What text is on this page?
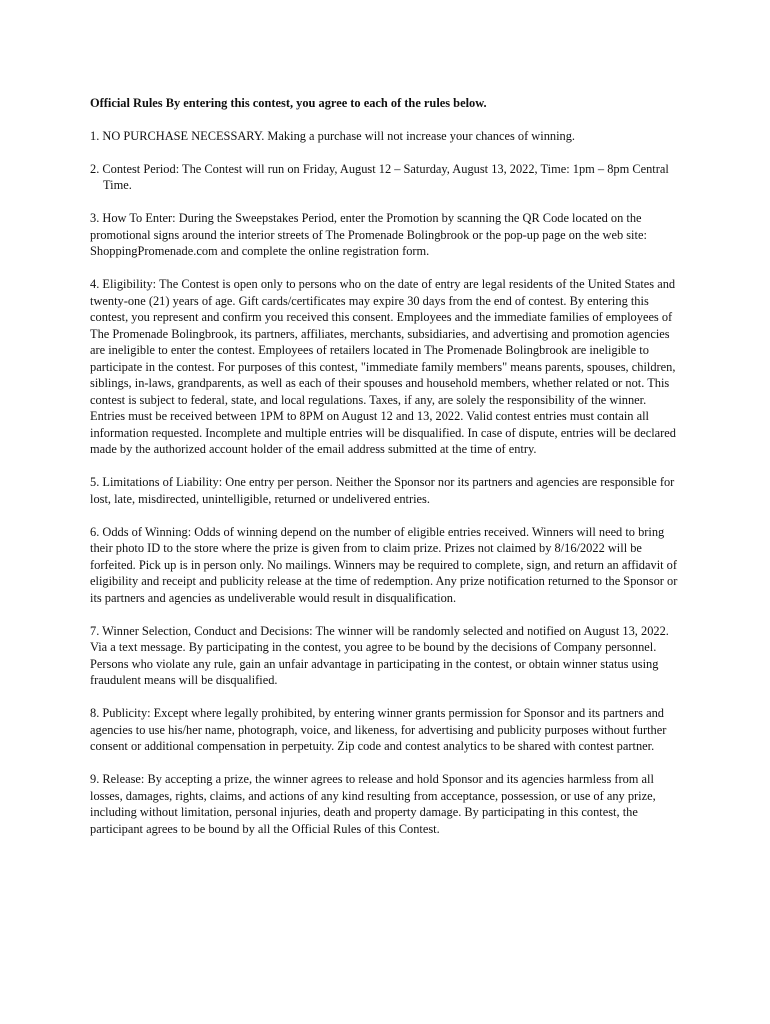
Official Rules By entering this contest, you agree to each of the rules below.

1. NO PURCHASE NECESSARY. Making a purchase will not increase your chances of winning.

2. Contest Period: The Contest will run on Friday, August 12 – Saturday, August 13, 2022, Time: 1pm – 8pm Central Time.

3. How To Enter: During the Sweepstakes Period, enter the Promotion by scanning the QR Code located on the promotional signs around the interior streets of The Promenade Bolingbrook or the pop-up page on the web site: ShoppingPromenade.com and complete the online registration form.

4. Eligibility: The Contest is open only to persons who on the date of entry are legal residents of the United States and twenty-one (21) years of age. Gift cards/certificates may expire 30 days from the end of contest. By entering this contest, you represent and confirm you received this consent. Employees and the immediate families of employees of The Promenade Bolingbrook, its partners, affiliates, merchants, subsidiaries, and advertising and promotion agencies are ineligible to enter the contest. Employees of retailers located in The Promenade Bolingbrook are ineligible to participate in the contest. For purposes of this contest, "immediate family members" means parents, spouses, children, siblings, in-laws, grandparents, as well as each of their spouses and household members, whether related or not. This contest is subject to federal, state, and local regulations. Taxes, if any, are solely the responsibility of the winner. Entries must be received between 1PM to 8PM on August 12 and 13, 2022. Valid contest entries must contain all information requested. Incomplete and multiple entries will be disqualified. In case of dispute, entries will be declared made by the authorized account holder of the email address submitted at the time of entry.

5. Limitations of Liability: One entry per person. Neither the Sponsor nor its partners and agencies are responsible for lost, late, misdirected, unintelligible, returned or undelivered entries.

6. Odds of Winning: Odds of winning depend on the number of eligible entries received. Winners will need to bring their photo ID to the store where the prize is given from to claim prize. Prizes not claimed by 8/16/2022 will be forfeited. Pick up is in person only. No mailings. Winners may be required to complete, sign, and return an affidavit of eligibility and receipt and publicity release at the time of redemption. Any prize notification returned to the Sponsor or its partners and agencies as undeliverable would result in disqualification.

7. Winner Selection, Conduct and Decisions: The winner will be randomly selected and notified on August 13, 2022. Via a text message. By participating in the contest, you agree to be bound by the decisions of Company personnel. Persons who violate any rule, gain an unfair advantage in participating in the contest, or obtain winner status using fraudulent means will be disqualified.

8. Publicity: Except where legally prohibited, by entering winner grants permission for Sponsor and its partners and agencies to use his/her name, photograph, voice, and likeness, for advertising and publicity purposes without further consent or additional compensation in perpetuity. Zip code and contest analytics to be shared with contest partner.

9. Release: By accepting a prize, the winner agrees to release and hold Sponsor and its agencies harmless from all losses, damages, rights, claims, and actions of any kind resulting from acceptance, possession, or use of any prize, including without limitation, personal injuries, death and property damage. By participating in this contest, the participant agrees to be bound by all the Official Rules of this Contest.
